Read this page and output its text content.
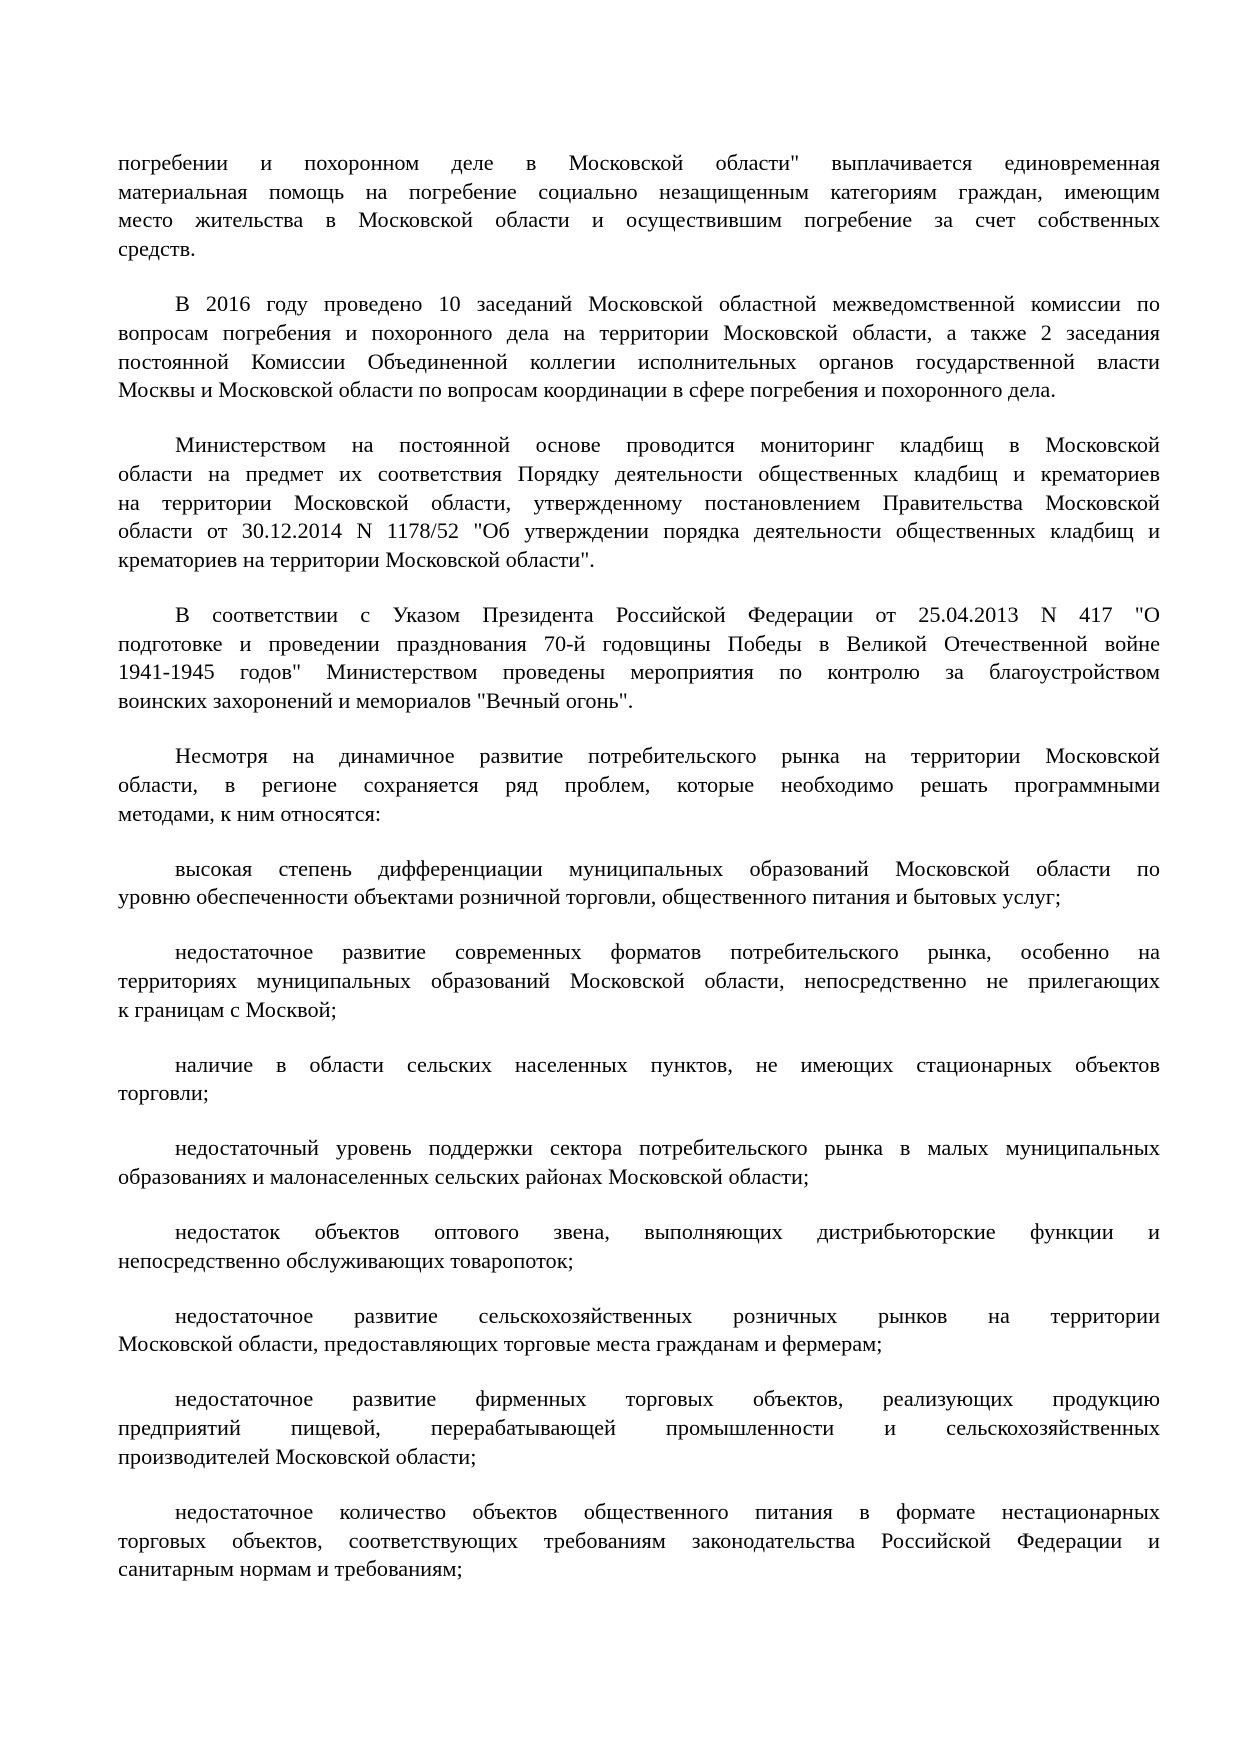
погребении и похоронном деле в Московской области" выплачивается единовременная
материальная помощь на погребение социально незащищенным категориям граждан, имеющим
место жительства в Московской области и осуществившим погребение за счет собственных
средств.
В 2016 году проведено 10 заседаний Московской областной межведомственной комиссии по
вопросам погребения и похоронного дела на территории Московской области, а также 2 заседания
постоянной Комиссии Объединенной коллегии исполнительных органов государственной власти
Москвы и Московской области по вопросам координации в сфере погребения и похоронного дела.
Министерством на постоянной основе проводится мониторинг кладбищ в Московской
области на предмет их соответствия Порядку деятельности общественных кладбищ и крематориев
на территории Московской области, утвержденному постановлением Правительства Московской
области от 30.12.2014 N 1178/52 "Об утверждении порядка деятельности общественных кладбищ и
крематориев на территории Московской области".
В соответствии с Указом Президента Российской Федерации от 25.04.2013 N 417 "О
подготовке и проведении празднования 70-й годовщины Победы в Великой Отечественной войне
1941-1945 годов" Министерством проведены мероприятия по контролю за благоустройством
воинских захоронений и мемориалов "Вечный огонь".
Несмотря на динамичное развитие потребительского рынка на территории Московской
области, в регионе сохраняется ряд проблем, которые необходимо решать программными
методами, к ним относятся:
высокая степень дифференциации муниципальных образований Московской области по
уровню обеспеченности объектами розничной торговли, общественного питания и бытовых услуг;
недостаточное развитие современных форматов потребительского рынка, особенно на
территориях муниципальных образований Московской области, непосредственно не прилегающих
к границам с Москвой;
наличие в области сельских населенных пунктов, не имеющих стационарных объектов
торговли;
недостаточный уровень поддержки сектора потребительского рынка в малых муниципальных
образованиях и малонаселенных сельских районах Московской области;
недостаток объектов оптового звена, выполняющих дистрибьюторские функции и
непосредственно обслуживающих товаропоток;
недостаточное развитие сельскохозяйственных розничных рынков на территории
Московской области, предоставляющих торговые места гражданам и фермерам;
недостаточное развитие фирменных торговых объектов, реализующих продукцию
предприятий пищевой, перерабатывающей промышленности и сельскохозяйственных
производителей Московской области;
недостаточное количество объектов общественного питания в формате нестационарных
торговых объектов, соответствующих требованиям законодательства Российской Федерации и
санитарным нормам и требованиям;
